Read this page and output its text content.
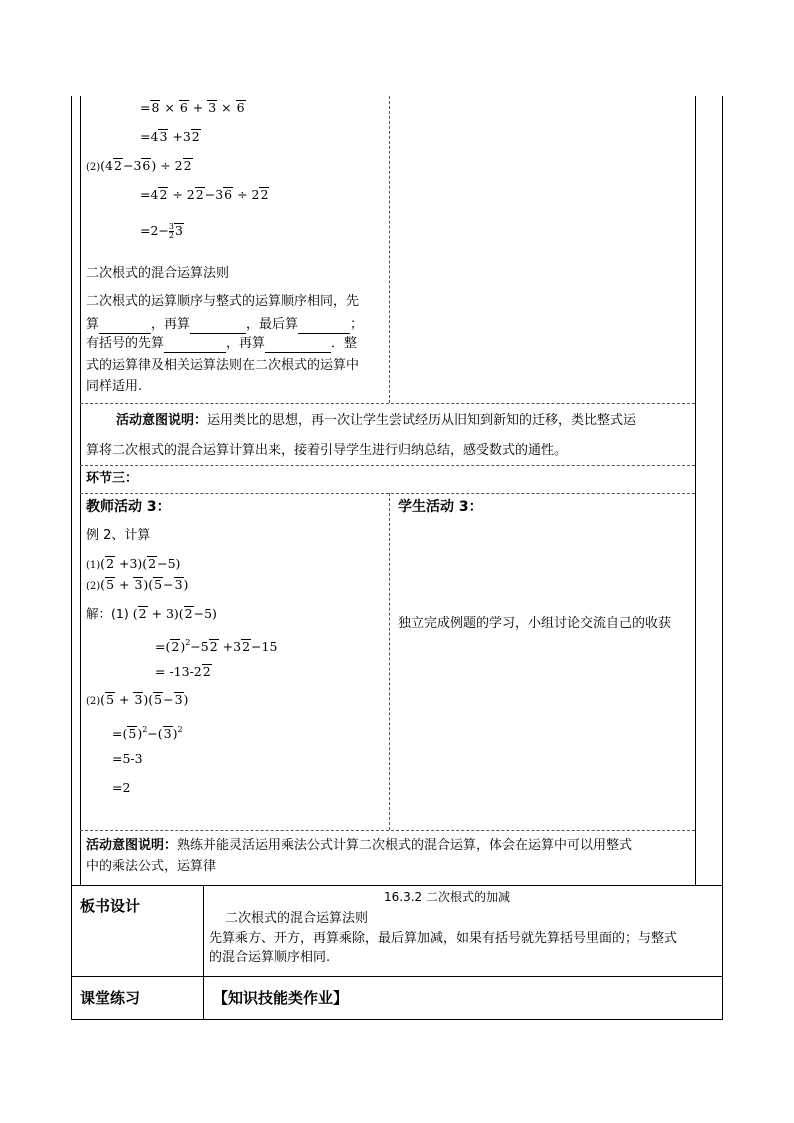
=8 × 6 + 3 × 6
=43 +32
(2)(42−36) ÷ 22
=42 ÷ 22−36 ÷ 22
$=2- \frac{3}{2} 3$
二次根式的混合运算法则
二次根式的运算顺序与整式的运算顺序相同，先
算	，再算	，最后算	；
有括号的先算	，再算	．整
式的运算律及相关运算法则在二次根式的运算中
同样适用.
活动意图说明：运用类比的思想，再一次让学生尝试经历从旧知到新知的迁移，类比整式运
算将二次根式的混合运算计算出来，接着引导学生进行归纳总结，感受数式的通性。
环节三：
教师活动 3：
例 2、计算
(1)(2 +3)(2−5)
(2)(5 + 3)(5−3)
解：(1) (2 + 3)(2−5)
$=(2)^2-52 +32-15$
= -13-22
(2)(5 + 3)(5−3)
$=(5)^2-(3)^2$
=5-3
=2
学生活动 3：
独立完成例题的学习，小组讨论交流自己的收获
活动意图说明：熟练并能灵活运用乘法公式计算二次根式的混合运算，体会在运算中可以用整式
中的乘法公式，运算律
板书设计	16.3.2 二次根式的加减
二次根式的混合运算法则
先算乘方、开方，再算乘除，最后算加减，如果有括号就先算括号里面的；与整式
的混合运算顺序相同.
课堂练习	【知识技能类作业】
